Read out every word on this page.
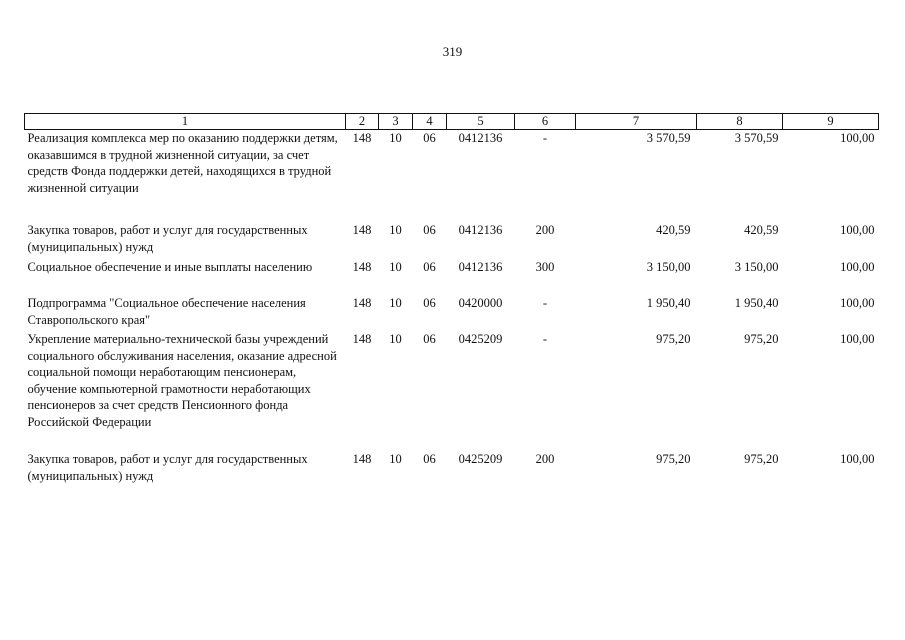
319
1	2	3	4	5	6	7	8	9
Реализация комплекса мер по оказанию поддержки детям, оказавшимся в трудной жизненной ситуации, за счет средств Фонда поддержки детей, находящихся в трудной жизненной ситуации	148	10	06	0412136	-	3 570,59	3 570,59	100,00
Закупка товаров, работ и услуг для государственных (муниципальных) нужд	148	10	06	0412136	200	420,59	420,59	100,00
Социальное обеспечение и иные выплаты населению	148	10	06	0412136	300	3 150,00	3 150,00	100,00
Подпрограмма "Социальное обеспечение населения Ставропольского края"	148	10	06	0420000	-	1 950,40	1 950,40	100,00
Укрепление материально-технической базы учреждений социального обслуживания населения, оказание адресной социальной помощи неработающим пенсионерам, обучение компьютерной грамотности неработающих пенсионеров за счет средств Пенсионного фонда Российской Федерации	148	10	06	0425209	-	975,20	975,20	100,00
Закупка товаров, работ и услуг для государственных (муниципальных) нужд	148	10	06	0425209	200	975,20	975,20	100,00
